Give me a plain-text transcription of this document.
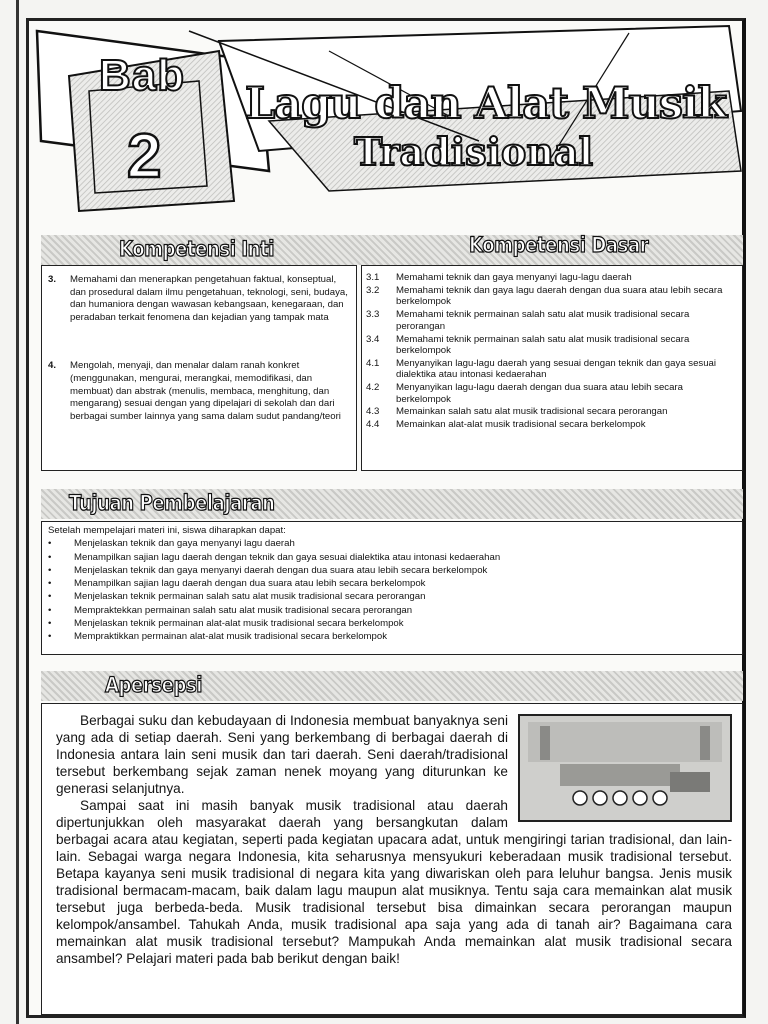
Bab
2
Lagu dan Alat Musik
Tradisional
Kompetensi Inti	Kompetensi Dasar
3.	Memahami dan menerapkan pengetahuan faktual, konseptual, dan prosedural dalam ilmu pengetahuan, teknologi, seni, budaya, dan humaniora dengan wawasan kebangsaan, kenegaraan, dan peradaban terkait fenomena dan kejadian yang tampak mata
4.	Mengolah, menyaji, dan menalar dalam ranah konkret (menggunakan, mengurai, merangkai, memodifikasi, dan membuat) dan abstrak (menulis, membaca, menghitung, dan mengarang) sesuai dengan yang dipelajari di sekolah dan dari berbagai sumber lainnya yang sama dalam sudut pandang/teori
3.1	Memahami teknik dan gaya menyanyi lagu-lagu daerah
3.2	Memahami teknik dan gaya lagu daerah dengan dua suara atau lebih secara berkelompok
3.3	Memahami teknik permainan salah satu alat musik tradisional secara perorangan
3.4	Memahami teknik permainan salah satu alat musik tradisional secara berkelompok
4.1	Menyanyikan lagu-lagu daerah yang sesuai dengan teknik dan gaya sesuai dialektika atau intonasi kedaerahan
4.2	Menyanyikan lagu-lagu daerah dengan dua suara atau lebih secara berkelompok
4.3	Memainkan salah satu alat musik tradisional secara perorangan
4.4	Memainkan alat-alat musik tradisional secara berkelompok
Tujuan Pembelajaran
Setelah mempelajari materi ini, siswa diharapkan dapat:
•	Menjelaskan teknik dan gaya menyanyi lagu daerah
•	Menampilkan sajian lagu daerah dengan teknik dan gaya sesuai dialektika atau intonasi kedaerahan
•	Menjelaskan teknik dan gaya menyanyi daerah dengan dua suara atau lebih secara berkelompok
•	Menampilkan sajian lagu daerah dengan dua suara atau lebih secara berkelompok
•	Menjelaskan teknik permainan salah satu alat musik tradisional secara perorangan
•	Mempraktekkan permainan salah satu alat musik tradisional secara perorangan
•	Menjelaskan teknik permainan alat-alat musik tradisional secara berkelompok
•	Mempraktikkan permainan alat-alat musik tradisional secara berkelompok
Apersepsi

Berbagai suku dan kebudayaan di Indonesia membuat banyaknya seni yang ada di setiap daerah. Seni yang berkembang di berbagai daerah di Indonesia antara lain seni musik dan tari daerah. Seni daerah/tradisional tersebut berkembang sejak zaman nenek moyang yang diturunkan ke generasi selanjutnya.

Sampai saat ini masih banyak musik tradisional atau daerah dipertunjukkan oleh masyarakat daerah yang bersangkutan dalam berbagai acara atau kegiatan, seperti pada kegiatan upacara adat, untuk mengiringi tarian tradisional, dan lain-lain. Sebagai warga negara Indonesia, kita seharusnya mensyukuri keberadaan musik tradisional tersebut. Betapa kayanya seni musik tradisional di negara kita yang diwariskan oleh para leluhur bangsa. Jenis musik tradisional bermacam-macam, baik dalam lagu maupun alat musiknya. Tentu saja cara memainkan alat musik tersebut juga berbeda-beda. Musik tradisional tersebut bisa dimainkan secara perorangan maupun kelompok/ansambel. Tahukah Anda, musik tradisional apa saja yang ada di tanah air? Bagaimana cara memainkan alat musik tradisional tersebut? Mampukah Anda memainkan alat musik tradisional secara ansambel? Pelajari materi pada bab berikut dengan baik!
